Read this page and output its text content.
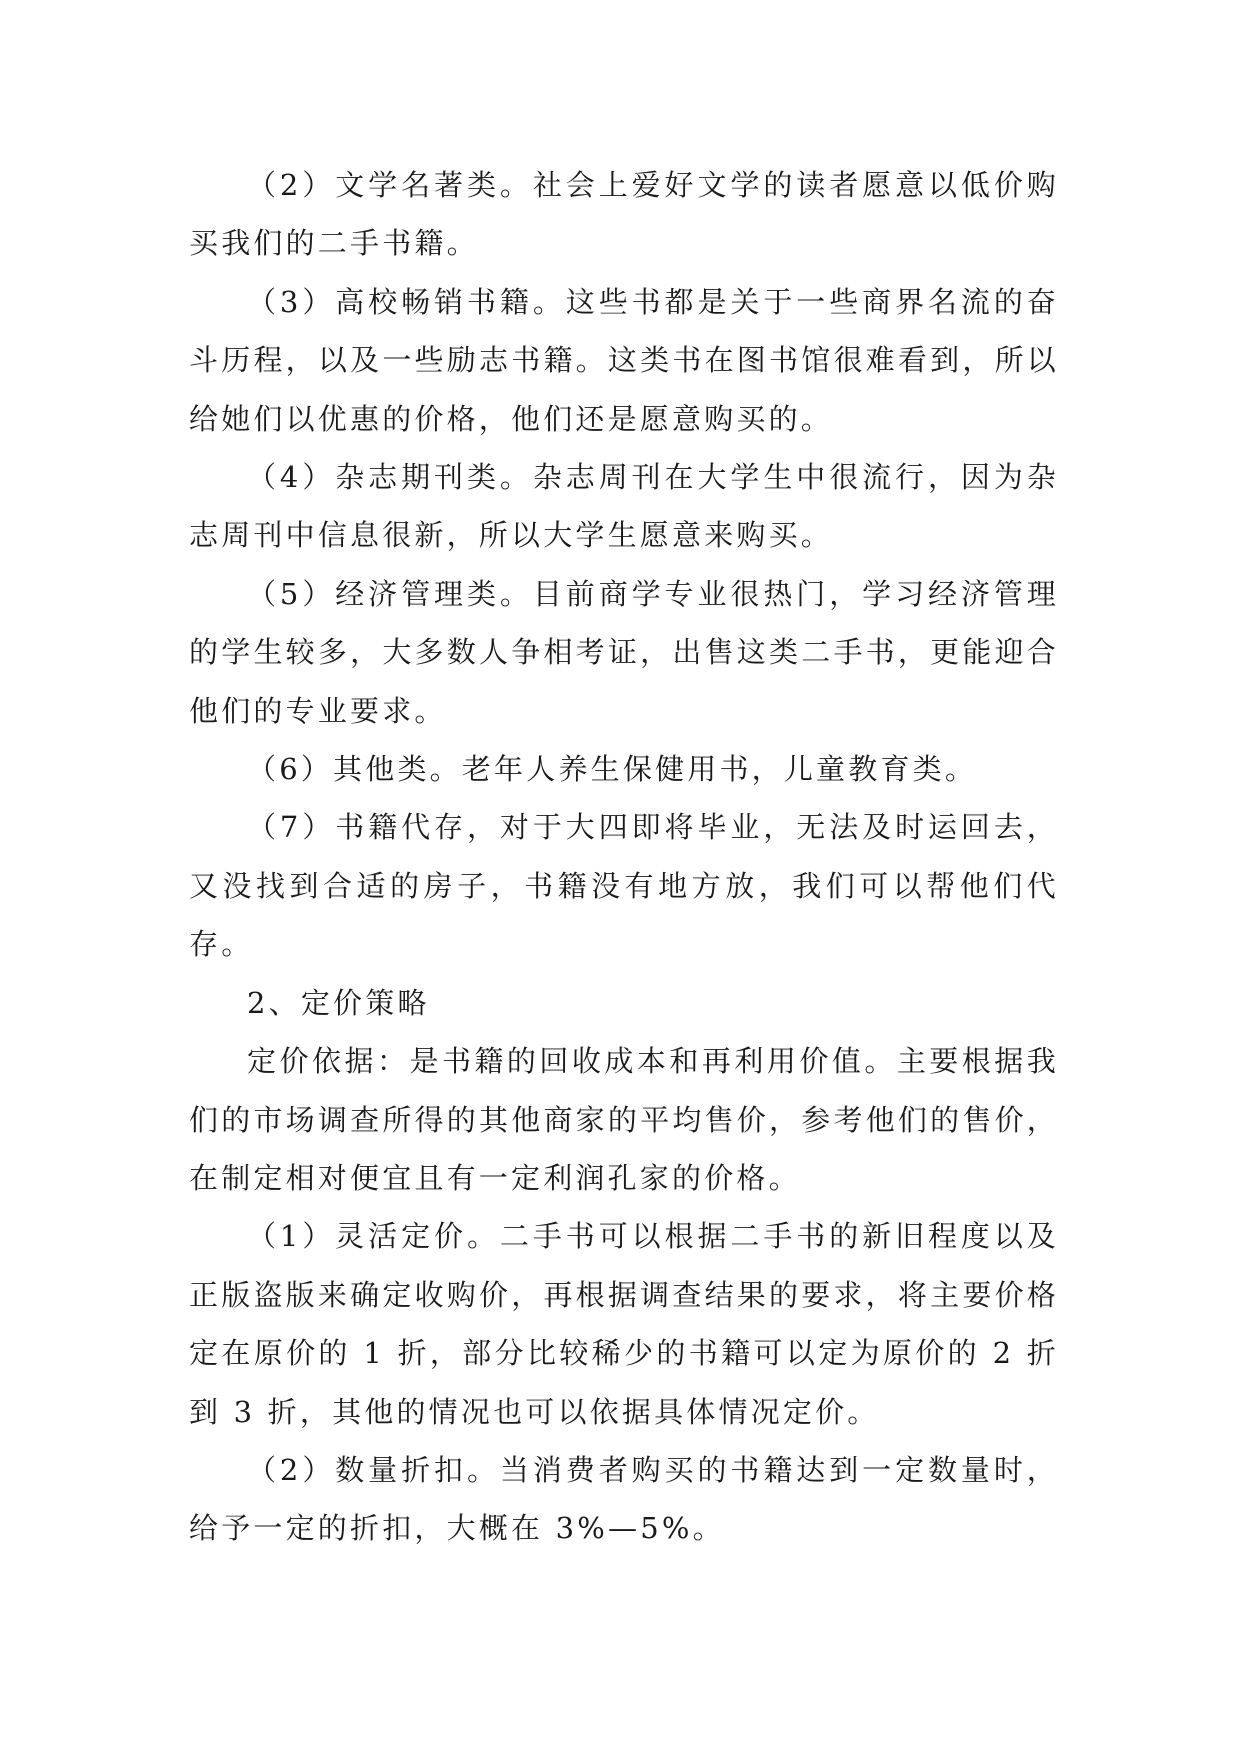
（2）文学名著类。社会上爱好文学的读者愿意以低价购买我们的二手书籍。

（3）高校畅销书籍。这些书都是关于一些商界名流的奋斗历程，以及一些励志书籍。这类书在图书馆很难看到，所以给她们以优惠的价格，他们还是愿意购买的。

（4）杂志期刊类。杂志周刊在大学生中很流行，因为杂志周刊中信息很新，所以大学生愿意来购买。

（5）经济管理类。目前商学专业很热门，学习经济管理的学生较多，大多数人争相考证，出售这类二手书，更能迎合他们的专业要求。

（6）其他类。老年人养生保健用书，儿童教育类。

（7）书籍代存，对于大四即将毕业，无法及时运回去，又没找到合适的房子，书籍没有地方放，我们可以帮他们代存。

2、定价策略

定价依据：是书籍的回收成本和再利用价值。主要根据我们的市场调查所得的其他商家的平均售价，参考他们的售价，在制定相对便宜且有一定利润孔家的价格。

（1）灵活定价。二手书可以根据二手书的新旧程度以及正版盗版来确定收购价，再根据调查结果的要求，将主要价格定在原价的 1 折，部分比较稀少的书籍可以定为原价的 2 折到 3 折，其他的情况也可以依据具体情况定价。

（2）数量折扣。当消费者购买的书籍达到一定数量时，给予一定的折扣，大概在 3%—5%。
